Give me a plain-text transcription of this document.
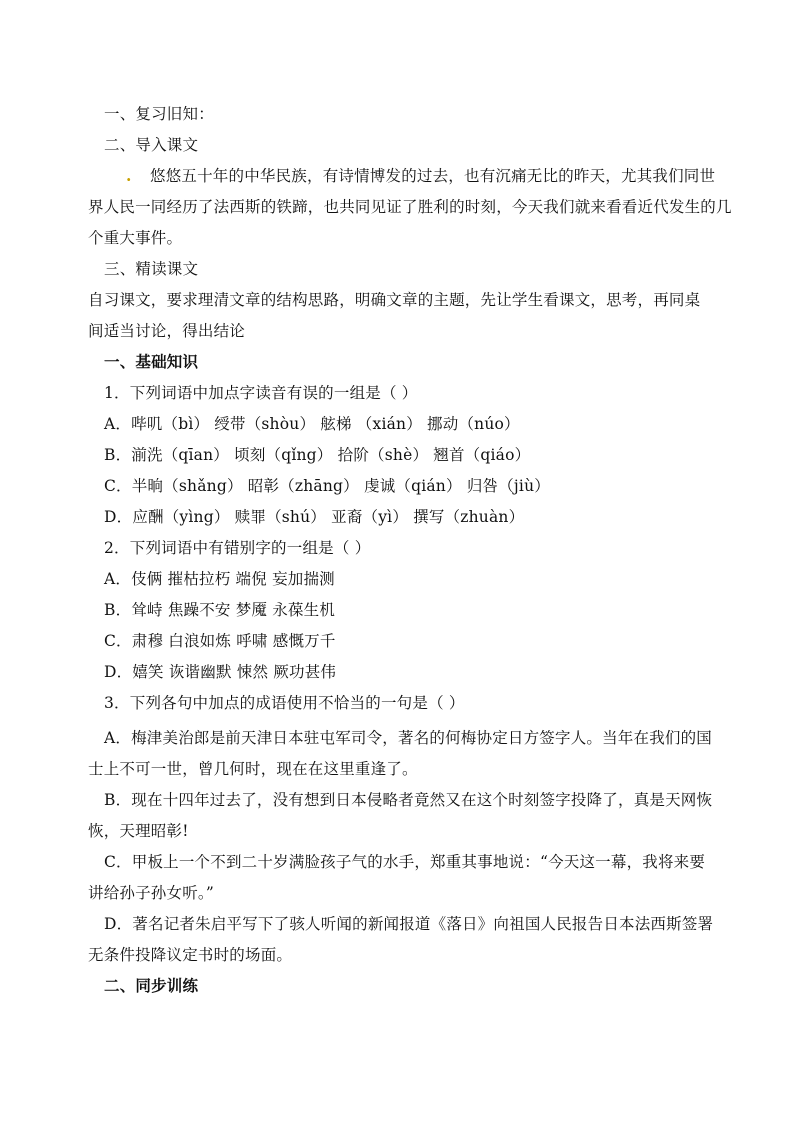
一、复习旧知：
二、导入课文
. 悠悠五十年的中华民族，有诗情博发的过去，也有沉痛无比的昨天，尤其我们同世
界人民一同经历了法西斯的铁蹄，也共同见证了胜利的时刻，今天我们就来看看近代发生的几
个重大事件。
三、精读课文
自习课文，要求理清文章的结构思路，明确文章的主题，先让学生看课文，思考，再同桌
间适当讨论，得出结论
一、基础知识
1．下列词语中加点字读音有误的一组是（ ）
A．哔叽（bì） 绶带（shòu） 舷梯 （xián） 挪动（núo）
B．湔洗（qīan） 顷刻（qǐng） 拾阶（shè） 翘首（qiáo）
C．半晌（shǎng） 昭彰（zhāng） 虔诚（qián） 归咎（jiù）
D．应酬（yìng） 赎罪（shú） 亚裔（yì） 撰写（zhuàn）
2．下列词语中有错别字的一组是（ ）
A．伎俩 摧枯拉朽 端倪 妄加揣测
B．耸峙 焦躁不安 梦魇 永葆生机
C．肃穆 白浪如炼 呼啸 感慨万千
D．嬉笑 诙谐幽默 悚然 厥功甚伟
3．下列各句中加点的成语使用不恰当的一句是（ ）
A．梅津美治郎是前天津日本驻屯军司令，著名的何梅协定日方签字人。当年在我们的国
士上不可一世，曾几何时，现在在这里重逢了。
B．现在十四年过去了，没有想到日本侵略者竟然又在这个时刻签字投降了，真是天网恢
恢，天理昭彰!
C．甲板上一个不到二十岁满脸孩子气的水手，郑重其事地说：“今天这一幕，我将来要
讲给孙子孙女听。”
D．著名记者朱启平写下了骇人听闻的新闻报道《落日》向祖国人民报告日本法西斯签署
无条件投降议定书时的场面。
二、同步训练
